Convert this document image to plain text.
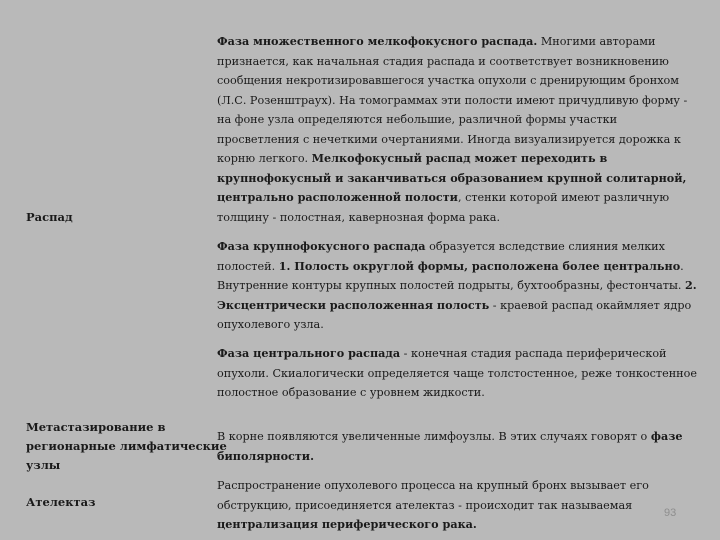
Распад
Фаза множественного мелкофокусного распада. Многими авторами признается, как начальная стадия распада и соответствует возникновению сообщения некротизировавшегося участка опухоли с дренирующим бронхом (Л.С. Розенштраух). На томограммах эти полости имеют причудливую форму - на фоне узла определяются небольшие, различной формы участки просветления с нечеткими очертаниями. Иногда визуализируется дорожка к корню легкого. Мелкофокусный распад может переходить в крупнофокусный и заканчиваться образованием крупной солитарной, центрально расположенной полости, стенки которой имеют различную толщину - полостная, кавернозная форма рака.
Фаза крупнофокусного распада образуется вследствие слияния мелких полостей. 1. Полость округлой формы, расположена более центрально. Внутренние контуры крупных полостей подрыты, бухтообразны, фестончаты. 2. Эксцентрически расположенная полость - краевой распад окаймляет ядро опухолевого узла.
Фаза центрального распада - конечная стадия распада периферической опухоли. Скиалогически определяется чаще толстостенное, реже тонкостенное полостное образование с уровнем жидкости.
Метастазирование в
регионарные лимфатические
узлы
В корне появляются увеличенные лимфоузлы. В этих случаях говорят о фазе биполярности.
Ателектаз
Распространение опухолевого процесса на крупный бронх вызывает его обструкцию, присоединяется ателектаз - происходит так называемая централизация периферического рака.
93
